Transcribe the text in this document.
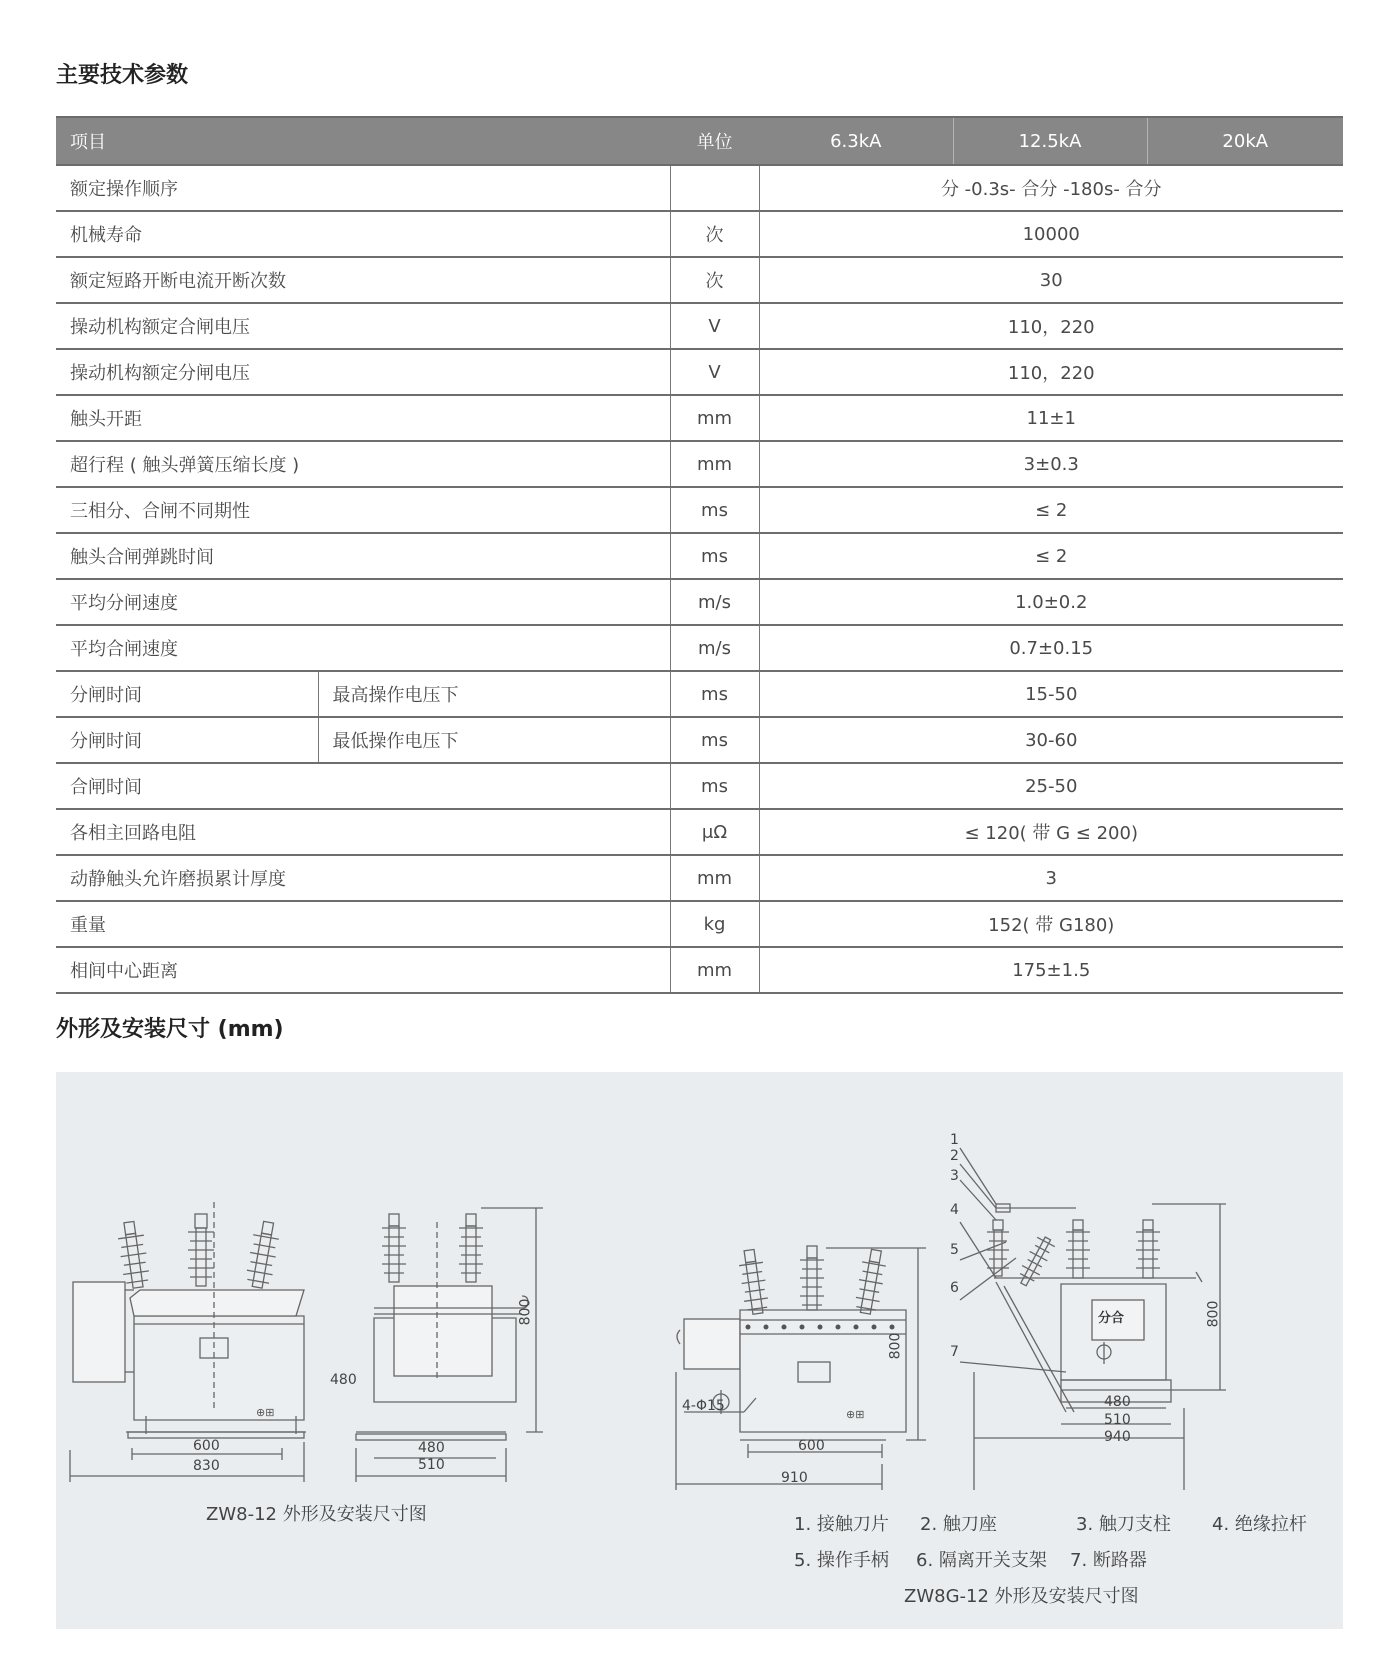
主要技术参数
项目		单位	6.3kA	12.5kA	20kA
额定操作顺序			分 -0.3s- 合分 -180s- 合分		
机械寿命		次	10000		
额定短路开断电流开断次数		次	30		
操动机构额定合闸电压		V	110，220		
操动机构额定分闸电压		V	110，220		
触头开距		mm	11±1		
超行程 ( 触头弹簧压缩长度 )		mm	3±0.3		
三相分、合闸不同期性		ms	≤ 2		
触头合闸弹跳时间		ms	≤ 2		
平均分闸速度		m/s	1.0±0.2		
平均合闸速度		m/s	0.7±0.15		
分闸时间	最高操作电压下	ms	15-50		
分闸时间	最低操作电压下	ms	30-60		
合闸时间		ms	25-50		
各相主回路电阻		μΩ	≤ 120( 带 G ≤ 200)		
动静触头允许磨损累计厚度		mm	3		
重量		kg	152( 带 G180)		
相间中心距离		mm	175±1.5		
外形及安装尺寸 (mm)
⊕⊞	⊕⊞
600
830
480
480
510
800
4-Φ15
600
910
800
480
510
940
800
分合
1
2
3
4
5
6
7
ZW8-12 外形及安装尺寸图	1. 接触刀片 2. 触刀座	3. 触刀支柱 4. 绝缘拉杆
5. 操作手柄 6. 隔离开关支架 7. 断路器
ZW8G-12 外形及安装尺寸图
